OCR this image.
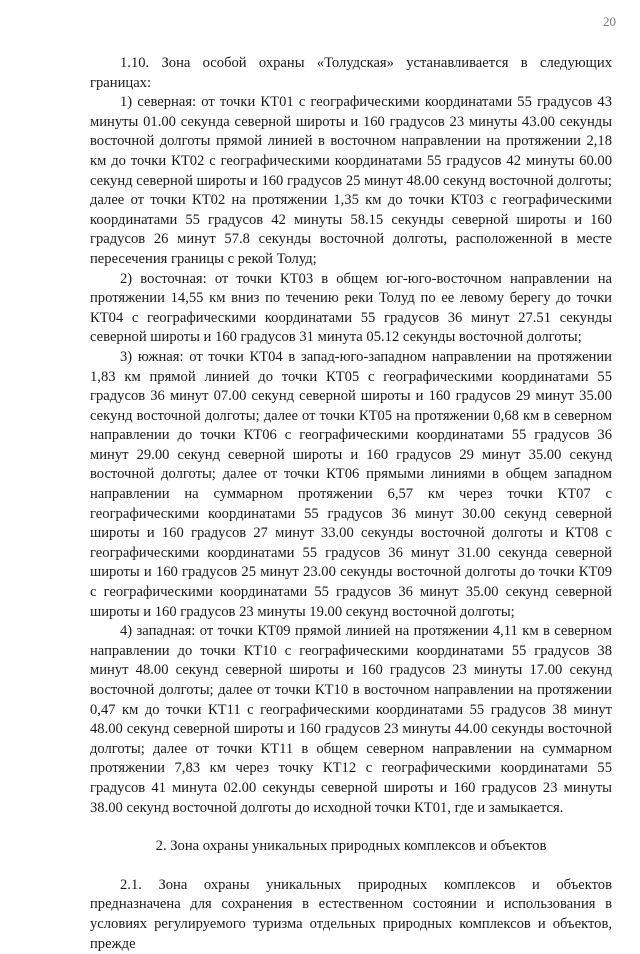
20

1.10. Зона особой охраны «Толудская» устанавливается в следующих границах:

1) северная: от точки КТ01 с географическими координатами 55 градусов 43 минуты 01.00 секунда северной широты и 160 градусов 23 минуты 43.00 секунды восточной долготы прямой линией в восточном направлении на протяжении 2,18 км до точки КТ02 с географическими координатами 55 градусов 42 минуты 60.00 секунд северной широты и 160 градусов 25 минут 48.00 секунд восточной долготы; далее от точки КТ02 на протяжении 1,35 км до точки КТ03 с географическими координатами 55 градусов 42 минуты 58.15 секунды северной широты и 160 градусов 26 минут 57.8 секунды восточной долготы, расположенной в месте пересечения границы с рекой Толуд;

2) восточная: от точки КТ03 в общем юг-юго-восточном направлении на протяжении 14,55 км вниз по течению реки Толуд по ее левому берегу до точки КТ04 с географическими координатами 55 градусов 36 минут 27.51 секунды северной широты и 160 градусов 31 минута 05.12 секунды восточной долготы;

3) южная: от точки КТ04 в запад-юго-западном направлении на протяжении 1,83 км прямой линией до точки КТ05 с географическими координатами 55 градусов 36 минут 07.00 секунд северной широты и 160 градусов 29 минут 35.00 секунд восточной долготы; далее от точки КТ05 на протяжении 0,68 км в северном направлении до точки КТ06 с географическими координатами 55 градусов 36 минут 29.00 секунд северной широты и 160 градусов 29 минут 35.00 секунд восточной долготы; далее от точки КТ06 прямыми линиями в общем западном направлении на суммарном протяжении 6,57 км через точки КТ07 с географическими координатами 55 градусов 36 минут 30.00 секунд северной широты и 160 градусов 27 минут 33.00 секунды восточной долготы и КТ08 с географическими координатами 55 градусов 36 минут 31.00 секунда северной широты и 160 градусов 25 минут 23.00 секунды восточной долготы до точки КТ09 с географическими координатами 55 градусов 36 минут 35.00 секунд северной широты и 160 градусов 23 минуты 19.00 секунд восточной долготы;

4) западная: от точки КТ09 прямой линией на протяжении 4,11 км в северном направлении до точки КТ10 с географическими координатами 55 градусов 38 минут 48.00 секунд северной широты и 160 градусов 23 минуты 17.00 секунд восточной долготы; далее от точки КТ10 в восточном направлении на протяжении 0,47 км до точки КТ11 с географическими координатами 55 градусов 38 минут 48.00 секунд северной широты и 160 градусов 23 минуты 44.00 секунды восточной долготы; далее от точки КТ11 в общем северном направлении на суммарном протяжении 7,83 км через точку КТ12 с географическими координатами 55 градусов 41 минута 02.00 секунды северной широты и 160 градусов 23 минуты 38.00 секунд восточной долготы до исходной точки КТ01, где и замыкается.

2. Зона охраны уникальных природных комплексов и объектов

2.1. Зона охраны уникальных природных комплексов и объектов предназначена для сохранения в естественном состоянии и использования в условиях регулируемого туризма отдельных природных комплексов и объектов, прежде
